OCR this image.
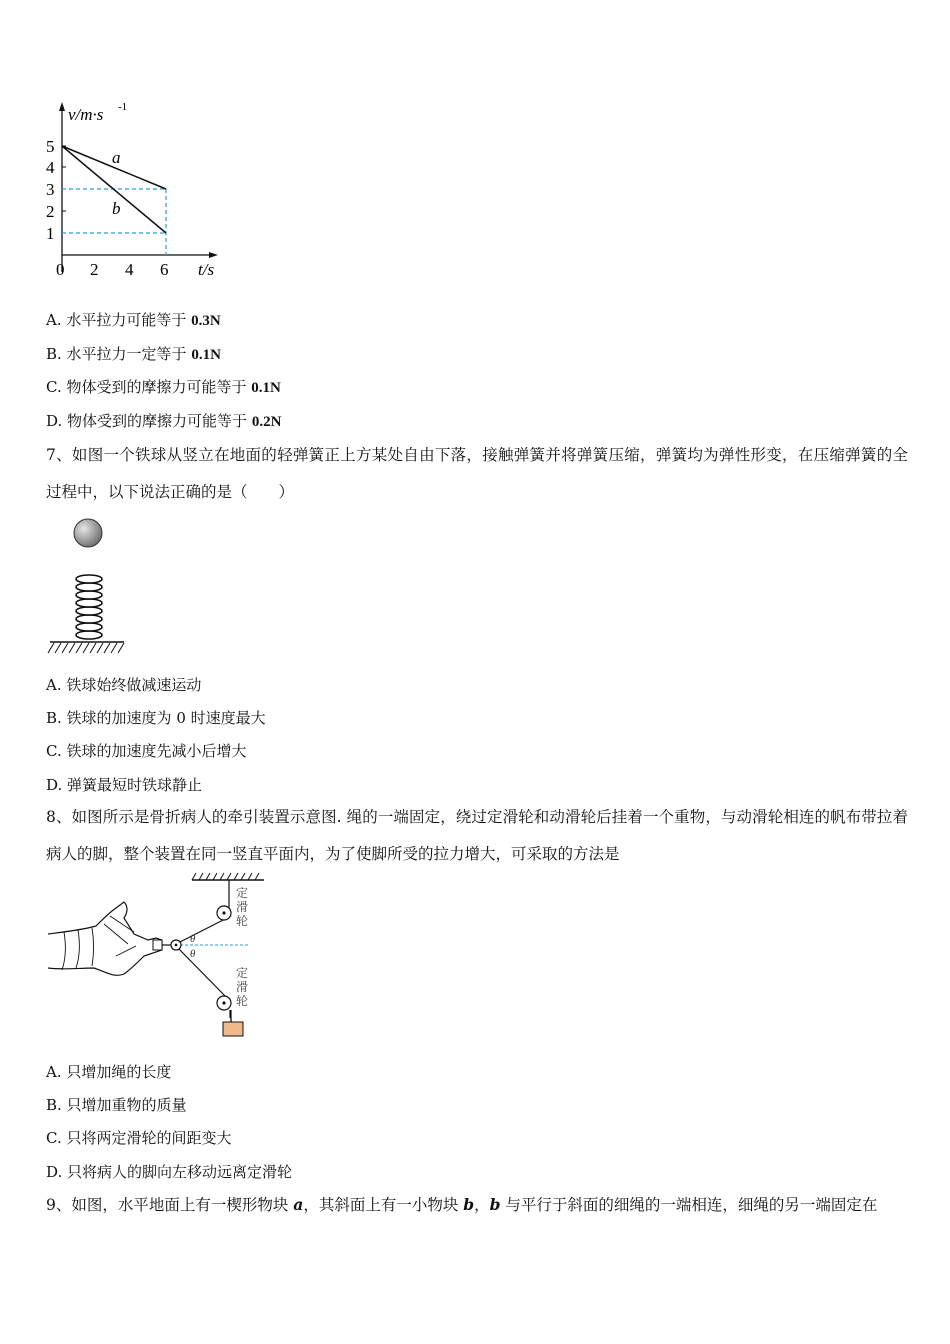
v/m·s -1
t/s
a
b
5
4
3
2
1
0 2 4 6
A. 水平拉力可能等于 0.3N
B. 水平拉力一定等于 0.1N
C. 物体受到的摩擦力可能等于 0.1N
D. 物体受到的摩擦力可能等于 0.2N
7、如图一个铁球从竖立在地面的轻弹簧正上方某处自由下落，接触弹簧并将弹簧压缩，弹簧均为弹性形变，在压缩弹簧的全过程中，以下说法正确的是（　　）
A. 铁球始终做减速运动
B. 铁球的加速度为 0 时速度最大
C. 铁球的加速度先减小后增大
D. 弹簧最短时铁球静止
8、如图所示是骨折病人的牵引装置示意图. 绳的一端固定，绕过定滑轮和动滑轮后挂着一个重物，与动滑轮相连的帆布带拉着病人的脚，整个装置在同一竖直平面内，为了使脚所受的拉力增大，可采取的方法是
θ
θ
定滑轮
定滑轮
A. 只增加绳的长度
B. 只增加重物的质量
C. 只将两定滑轮的间距变大
D. 只将病人的脚向左移动远离定滑轮
9、如图，水平地面上有一楔形物块 a，其斜面上有一小物块 b，b 与平行于斜面的细绳的一端相连，细绳的另一端固定在
